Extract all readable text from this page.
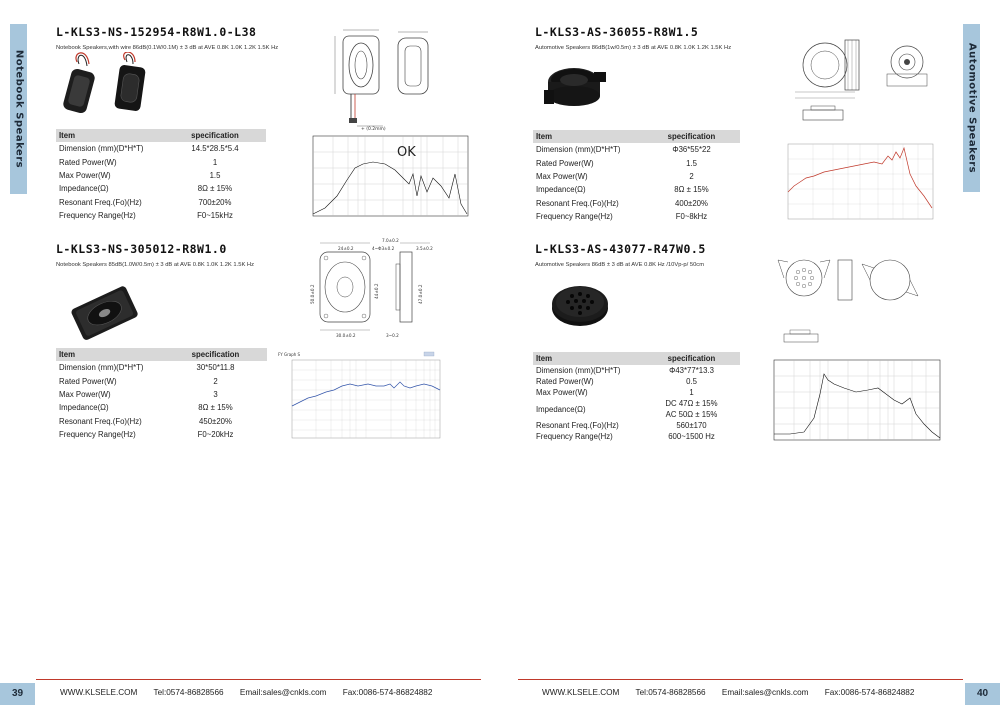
Notebook Speakers	Automotive Speakers
L-KLS3-NS-152954-R8W1.0-L38
Notebook Speakers,with wire 86dB(0.1W/0.1M) ± 3 dB at AVE 0.8K 1.0K 1.2K 1.5K Hz
+ (0.2mm)
Item	specification
Dimension (mm)(D*H*T)	14.5*28.5*5.4
Rated Power(W)	1
Max Power(W)	1.5
Impedance(Ω)	8Ω ± 15%
Resonant Freq.(Fo)(Hz)	700±20%
Frequency Range(Hz)	F0~15kHz
OK
L-KLS3-AS-36055-R8W1.5
Automotive Speakers 86dB(1w/0.5m) ± 3 dB at AVE 0.8K 1.0K 1.2K 1.5K Hz
Item	specification
Dimension (mm)(D*H*T)	Φ36*55*22
Rated Power(W)	1.5
Max Power(W)	2
Impedance(Ω)	8Ω ± 15%
Resonant Freq.(Fo)(Hz)	400±20%
Frequency Range(Hz)	F0~8kHz
L-KLS3-NS-305012-R8W1.0
Notebook Speakers 85dB(1.0W/0.5m) ± 3 dB at AVE 0.8K 1.0K 1.2K 1.5K Hz
7.0±0.2
24±0.2	4~Φ3±0.2	3.5±0.2
50.0±0.2	44±0.2	47.0±0.2
30.0±0.2	3~0.2
Item	specification
Dimension (mm)(D*H*T)	30*50*11.8
Rated Power(W)	2
Max Power(W)	3
Impedance(Ω)	8Ω ± 15%
Resonant Freq.(Fo)(Hz)	450±20%
Frequency Range(Hz)	F0~20kHz
FY Graph S
L-KLS3-AS-43077-R47W0.5
Automotive Speakers 86dB ± 3 dB at AVE 0.8K Hz /10Vp-p/ 50cm
Item	specification
Dimension (mm)(D*H*T)	Φ43*77*13.3
Rated Power(W)	0.5
Max Power(W)	1
Impedance(Ω)	DC 47Ω ± 15%
AC 50Ω ± 15%

Resonant Freq.(Fo)(Hz)	560±170
Frequency Range(Hz)	600~1500 Hz
39	40
WWW.KLSELE.COM Tel:0574-86828566 Email:sales@cnkls.com Fax:0086-574-86824882	WWW.KLSELE.COM Tel:0574-86828566 Email:sales@cnkls.com Fax:0086-574-86824882
